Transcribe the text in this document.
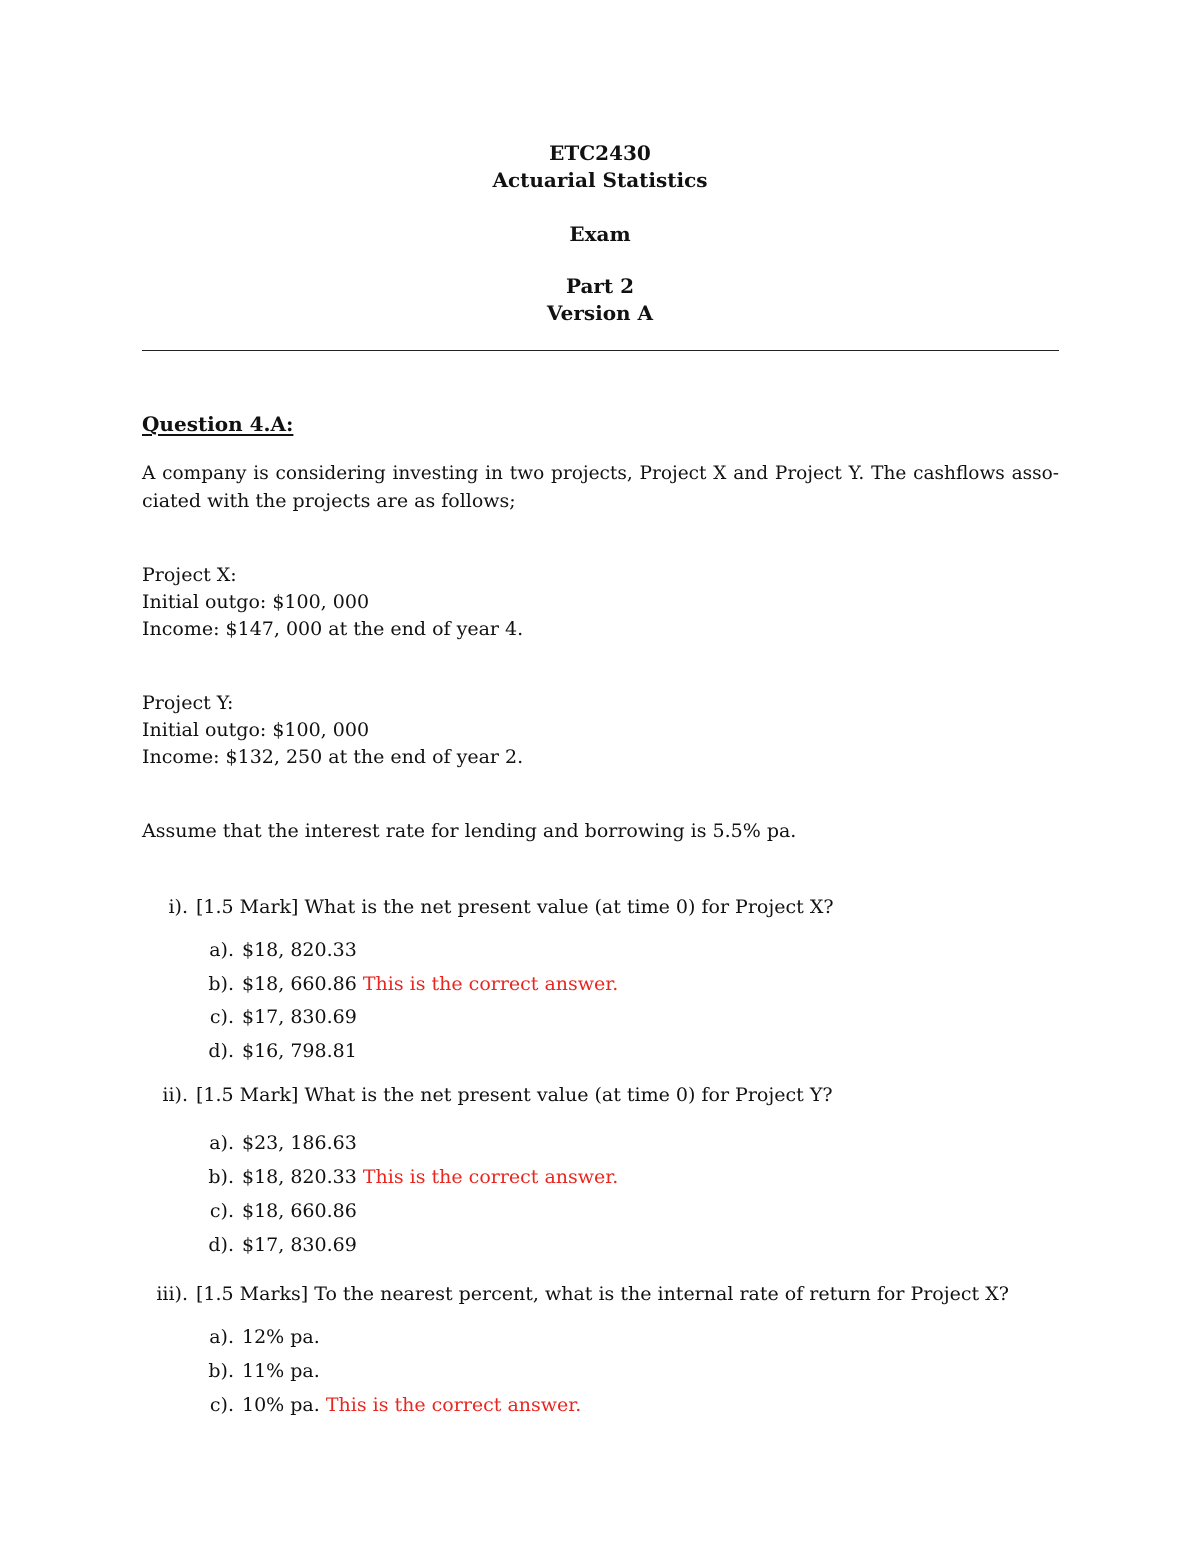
ETC2430
Actuarial Statistics
Exam
Part 2
Version A
Question 4.A:
A company is considering investing in two projects, Project X and Project Y. The cashflows asso-
ciated with the projects are as follows;
Project X:
Initial outgo: $100, 000
Income: $147, 000 at the end of year 4.
Project Y:
Initial outgo: $100, 000
Income: $132, 250 at the end of year 2.
Assume that the interest rate for lending and borrowing is 5.5% pa.
i). [1.5 Mark] What is the net present value (at time 0) for Project X?
a). $18, 820.33
b). $18, 660.86 This is the correct answer.
c). $17, 830.69
d). $16, 798.81
ii). [1.5 Mark] What is the net present value (at time 0) for Project Y?
a). $23, 186.63
b). $18, 820.33 This is the correct answer.
c). $18, 660.86
d). $17, 830.69
iii). [1.5 Marks] To the nearest percent, what is the internal rate of return for Project X?
a). 12% pa.
b). 11% pa.
c). 10% pa. This is the correct answer.
